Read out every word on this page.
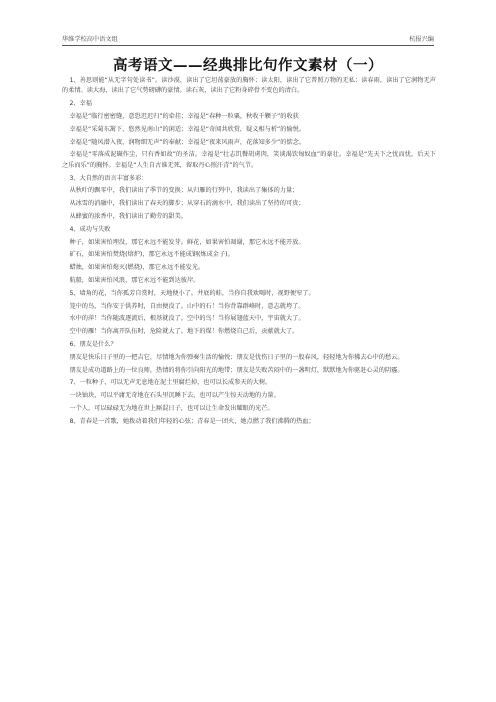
华维学校高中语文组	杭报兴编
高考语文——经典排比句作文素材（一）
1、善思则能“从无字句处读书”。读沙漠，读出了它坦荡豪放的胸怀；读太阳，读出了它普照万物的无私；读春雨，读出了它润物无声的柔情。读大海，读出了它气势磅礴的豪情。读石灰，读出了它粉身碎骨不变色的清白。
2、幸福
幸福是“临行密密缝，意恐迟迟归”的牵挂；幸福是“春种一粒粟，秋收千颗子”的收获
幸福是“采菊东篱下，悠然见南山”的闲适；幸福是“奇闻共欣赏，疑义相与析”的愉悦。
幸福是“随风潜入夜，润物细无声”的奉献；幸福是“夜来风雨声，花落知多少”的惦念。
幸福是“零落成泥碾作尘，只有香如故”的圣洁。幸福是“壮志饥餐胡虏肉，笑谈渴饮匈奴血”的豪壮。幸福是“先天下之忧而忧，后天下之乐而乐”的胸怀。幸福是“人生自古谁无死，留取丹心照汗青”的气节。
3、大自然的语言丰富多彩：
从秋叶的飘零中，我们读出了季节的变换；从归雁的行列中，我读出了集体的力量；
从冰雪的消融中，我们读出了春天的脚步；从穿石的滴水中，我们读出了坚持的可贵；
从蜂蜜的浓香中，我们读出了勤劳的甜美。
4、成功与失败
种子，如果害怕埋没，那它永远不能发芽。鲜花，如果害怕凋谢，那它永远不能开放。
矿石，如果害怕焚烧(熔炉)，那它永远不能成钢(炼成金子)。
蜡烛，如果害怕熄灭(燃烧)，那它永远不能发光。
航船，如果害怕风浪，那它永远不能到达彼岸。
5、墙角的花，当你孤芳自赏时，天地便小了。井底的蛙，当你自我欢喝时，视野便窄了。
笼中的鸟，当你安于供养时，自由便没了。山中的石！当你背靠群峰时，意志就垮了。
水中的萍！当你随波逐流后，根基就没了。空中的鸟！当你展翅蓝天中，宇宙就大了。
空中的雁！当你离开队伍时，危险就大了。地下的煤！你燃烧自己后，贡献就大了。
6、朋友是什么？
朋友是快乐日子里的一把吉它，尽情地为你弹奏生活的愉悦；朋友是忧伤日子里的一股春风，轻轻地为你拂去心中的愁云。
朋友是成功道路上的一位良师，热情的将你引向阳光的地带；朋友是失败苦闷中的一盏明灯，默默地为你驱赶心灵的阴霾。
7、一粒种子，可以无声无息地在泥土里腐烂掉，也可以长成参天的大树。
一块铀块，可以平庸无奇地在石头里沉睡下去，也可以产生惊天动地的力量。
一个人，可以碌碌无为地在世上厮混日子，也可以让生命发出耀眼的光芒。
8、青春是一首歌，她拨动着我们年轻的心弦；青春是一团火，她点燃了我们沸腾的热血；
